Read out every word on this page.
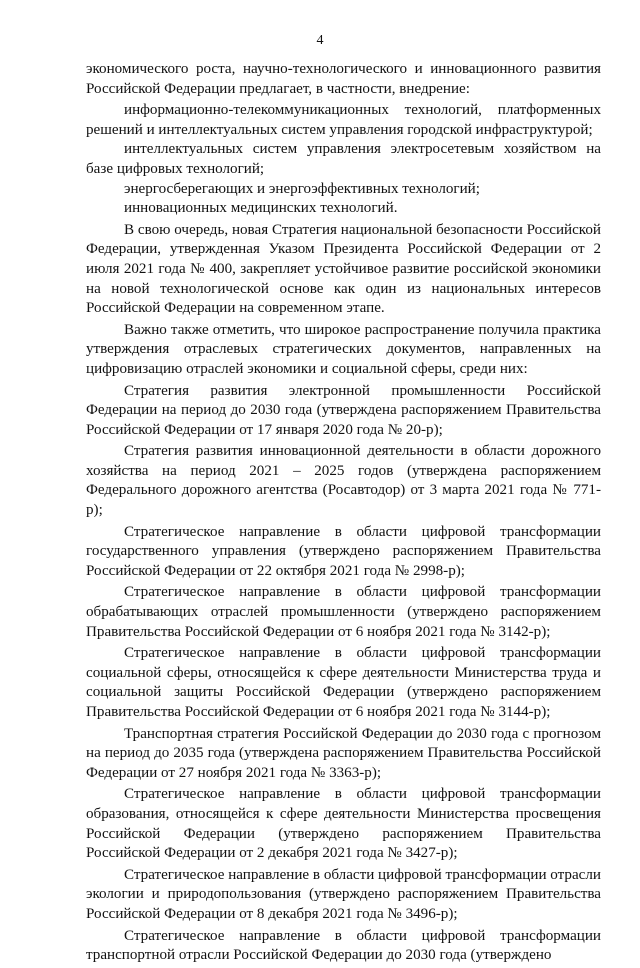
4

экономического роста, научно-технологического и инновационного развития Российской Федерации предлагает, в частности, внедрение:

информационно-телекоммуникационных технологий, платформенных решений и интеллектуальных систем управления городской инфраструктурой;

интеллектуальных систем управления электросетевым хозяйством на базе цифровых технологий;

энергосберегающих и энергоэффективных технологий;

инновационных медицинских технологий.

В свою очередь, новая Стратегия национальной безопасности Российской Федерации, утвержденная Указом Президента Российской Федерации от 2 июля 2021 года № 400, закрепляет устойчивое развитие российской экономики на новой технологической основе как один из национальных интересов Российской Федерации на современном этапе.

Важно также отметить, что широкое распространение получила практика утверждения отраслевых стратегических документов, направленных на цифровизацию отраслей экономики и социальной сферы, среди них:

Стратегия развития электронной промышленности Российской Федерации на период до 2030 года (утверждена распоряжением Правительства Российской Федерации от 17 января 2020 года № 20-р);

Стратегия развития инновационной деятельности в области дорожного хозяйства на период 2021 – 2025 годов (утверждена распоряжением Федерального дорожного агентства (Росавтодор) от 3 марта 2021 года № 771-р);

Стратегическое направление в области цифровой трансформации государственного управления (утверждено распоряжением Правительства Российской Федерации от 22 октября 2021 года № 2998-р);

Стратегическое направление в области цифровой трансформации обрабатывающих отраслей промышленности (утверждено распоряжением Правительства Российской Федерации от 6 ноября 2021 года № 3142-р);

Стратегическое направление в области цифровой трансформации социальной сферы, относящейся к сфере деятельности Министерства труда и социальной защиты Российской Федерации (утверждено распоряжением Правительства Российской Федерации от 6 ноября 2021 года № 3144-р);

Транспортная стратегия Российской Федерации до 2030 года с прогнозом на период до 2035 года (утверждена распоряжением Правительства Российской Федерации от 27 ноября 2021 года № 3363-р);

Стратегическое направление в области цифровой трансформации образования, относящейся к сфере деятельности Министерства просвещения Российской Федерации (утверждено распоряжением Правительства Российской Федерации от 2 декабря 2021 года № 3427-р);

Стратегическое направление в области цифровой трансформации отрасли экологии и природопользования (утверждено распоряжением Правительства Российской Федерации от 8 декабря 2021 года № 3496-р);

Стратегическое направление в области цифровой трансформации транспортной отрасли Российской Федерации до 2030 года (утверждено
